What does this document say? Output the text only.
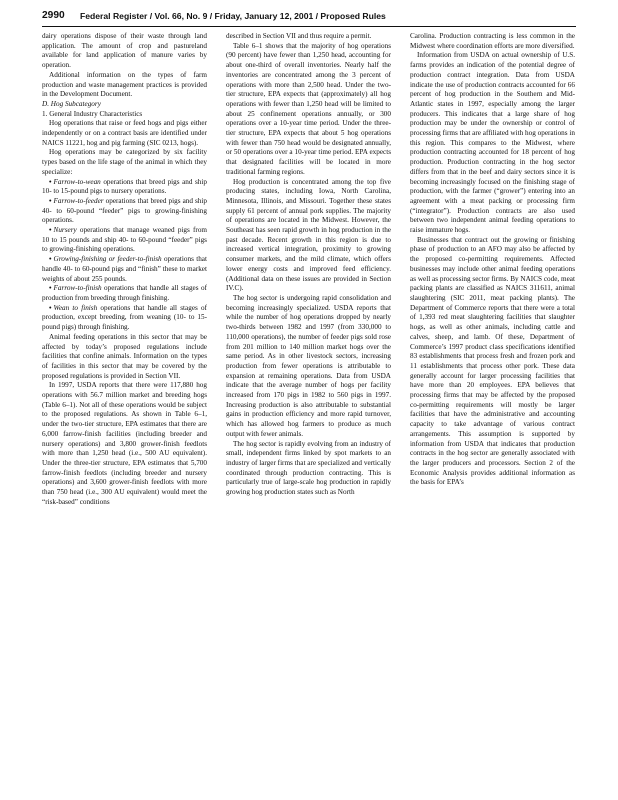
2990 Federal Register / Vol. 66, No. 9 / Friday, January 12, 2001 / Proposed Rules

dairy operations dispose of their waste through land application. The amount of crop and pastureland available for land application of manure varies by operation.

Additional information on the types of farm production and waste management practices is provided in the Development Document.

D. Hog Subcategory

1. General Industry Characteristics

Hog operations that raise or feed hogs and pigs either independently or on a contract basis are identified under NAICS 11221, hog and pig farming (SIC 0213, hogs).

Hog operations may be categorized by six facility types based on the life stage of the animal in which they specialize:

• Farrow-to-wean operations that breed pigs and ship 10- to 15-pound pigs to nursery operations.

• Farrow-to-feeder operations that breed pigs and ship 40- to 60-pound “feeder” pigs to growing-finishing operations.

• Nursery operations that manage weaned pigs from 10 to 15 pounds and ship 40- to 60-pound “feeder” pigs to growing-finishing operations.

• Growing-finishing or feeder-to-finish operations that handle 40- to 60-pound pigs and “finish” these to market weights of about 255 pounds.

• Farrow-to-finish operations that handle all stages of production from breeding through finishing.

• Wean to finish operations that handle all stages of production, except breeding, from weaning (10- to 15-pound pigs) through finishing.

Animal feeding operations in this sector that may be affected by today’s proposed regulations include facilities that confine animals. Information on the types of facilities in this sector that may be covered by the proposed regulations is provided in Section VII.

In 1997, USDA reports that there were 117,880 hog operations with 56.7 million market and breeding hogs (Table 6–1). Not all of these operations would be subject to the proposed regulations. As shown in Table 6–1, under the two-tier structure, EPA estimates that there are 6,000 farrow-finish facilities (including breeder and nursery operations) and 3,800 grower-finish feedlots with more than 1,250 head (i.e., 500 AU equivalent). Under the three-tier structure, EPA estimates that 5,700 farrow-finish feedlots (including breeder and nursery operations) and 3,600 grower-finish feedlots with more than 750 head (i.e., 300 AU equivalent) would meet the “risk-based” conditions

described in Section VII and thus require a permit.

Table 6–1 shows that the majority of hog operations (90 percent) have fewer than 1,250 head, accounting for about one-third of overall inventories. Nearly half the inventories are concentrated among the 3 percent of operations with more than 2,500 head. Under the two-tier structure, EPA expects that (approximately) all hog operations with fewer than 1,250 head will be limited to about 25 confinement operations annually, or 300 operations over a 10-year time period. Under the three-tier structure, EPA expects that about 5 hog operations with fewer than 750 head would be designated annually, or 50 operations over a 10-year time period. EPA expects that designated facilities will be located in more traditional farming regions.

Hog production is concentrated among the top five producing states, including Iowa, North Carolina, Minnesota, Illinois, and Missouri. Together these states supply 61 percent of annual pork supplies. The majority of operations are located in the Midwest. However, the Southeast has seen rapid growth in hog production in the past decade. Recent growth in this region is due to increased vertical integration, proximity to growing consumer markets, and the mild climate, which offers lower energy costs and improved feed efficiency. (Additional data on these issues are provided in Section IV.C).

The hog sector is undergoing rapid consolidation and becoming increasingly specialized. USDA reports that while the number of hog operations dropped by nearly two-thirds between 1982 and 1997 (from 330,000 to 110,000 operations), the number of feeder pigs sold rose from 201 million to 140 million market hogs over the same period. As in other livestock sectors, increasing production from fewer operations is attributable to expansion at remaining operations. Data from USDA indicate that the average number of hogs per facility increased from 170 pigs in 1982 to 560 pigs in 1997. Increasing production is also attributable to substantial gains in production efficiency and more rapid turnover, which has allowed hog farmers to produce as much output with fewer animals.

The hog sector is rapidly evolving from an industry of small, independent firms linked by spot markets to an industry of larger firms that are specialized and vertically coordinated through production contracting. This is particularly true of large-scale hog production in rapidly growing hog production states such as North

Carolina. Production contracting is less common in the Midwest where coordination efforts are more diversified.

Information from USDA on actual ownership of U.S. farms provides an indication of the potential degree of production contract integration. Data from USDA indicate the use of production contracts accounted for 66 percent of hog production in the Southern and Mid-Atlantic states in 1997, especially among the larger producers. This indicates that a large share of hog production may be under the ownership or control of processing firms that are affiliated with hog operations in this region. This compares to the Midwest, where production contracting accounted for 18 percent of hog production. Production contracting in the hog sector differs from that in the beef and dairy sectors since it is becoming increasingly focused on the finishing stage of production, with the farmer (“grower”) entering into an agreement with a meat packing or processing firm (“integrator”). Production contracts are also used between two independent animal feeding operations to raise immature hogs.

Businesses that contract out the growing or finishing phase of production to an AFO may also be affected by the proposed co-permitting requirements. Affected businesses may include other animal feeding operations as well as processing sector firms. By NAICS code, meat packing plants are classified as NAICS 311611, animal slaughtering (SIC 2011, meat packing plants). The Department of Commerce reports that there were a total of 1,393 red meat slaughtering facilities that slaughter hogs, as well as other animals, including cattle and calves, sheep, and lamb. Of these, Department of Commerce’s 1997 product class specifications identified 83 establishments that process fresh and frozen pork and 11 establishments that process other pork. These data generally account for larger processing facilities that have more than 20 employees. EPA believes that processing firms that may be affected by the proposed co-permitting requirements will mostly be larger facilities that have the administrative and accounting capacity to take advantage of various contract arrangements. This assumption is supported by information from USDA that indicates that production contracts in the hog sector are generally associated with the larger producers and processors. Section 2 of the Economic Analysis provides additional information as the basis for EPA’s
